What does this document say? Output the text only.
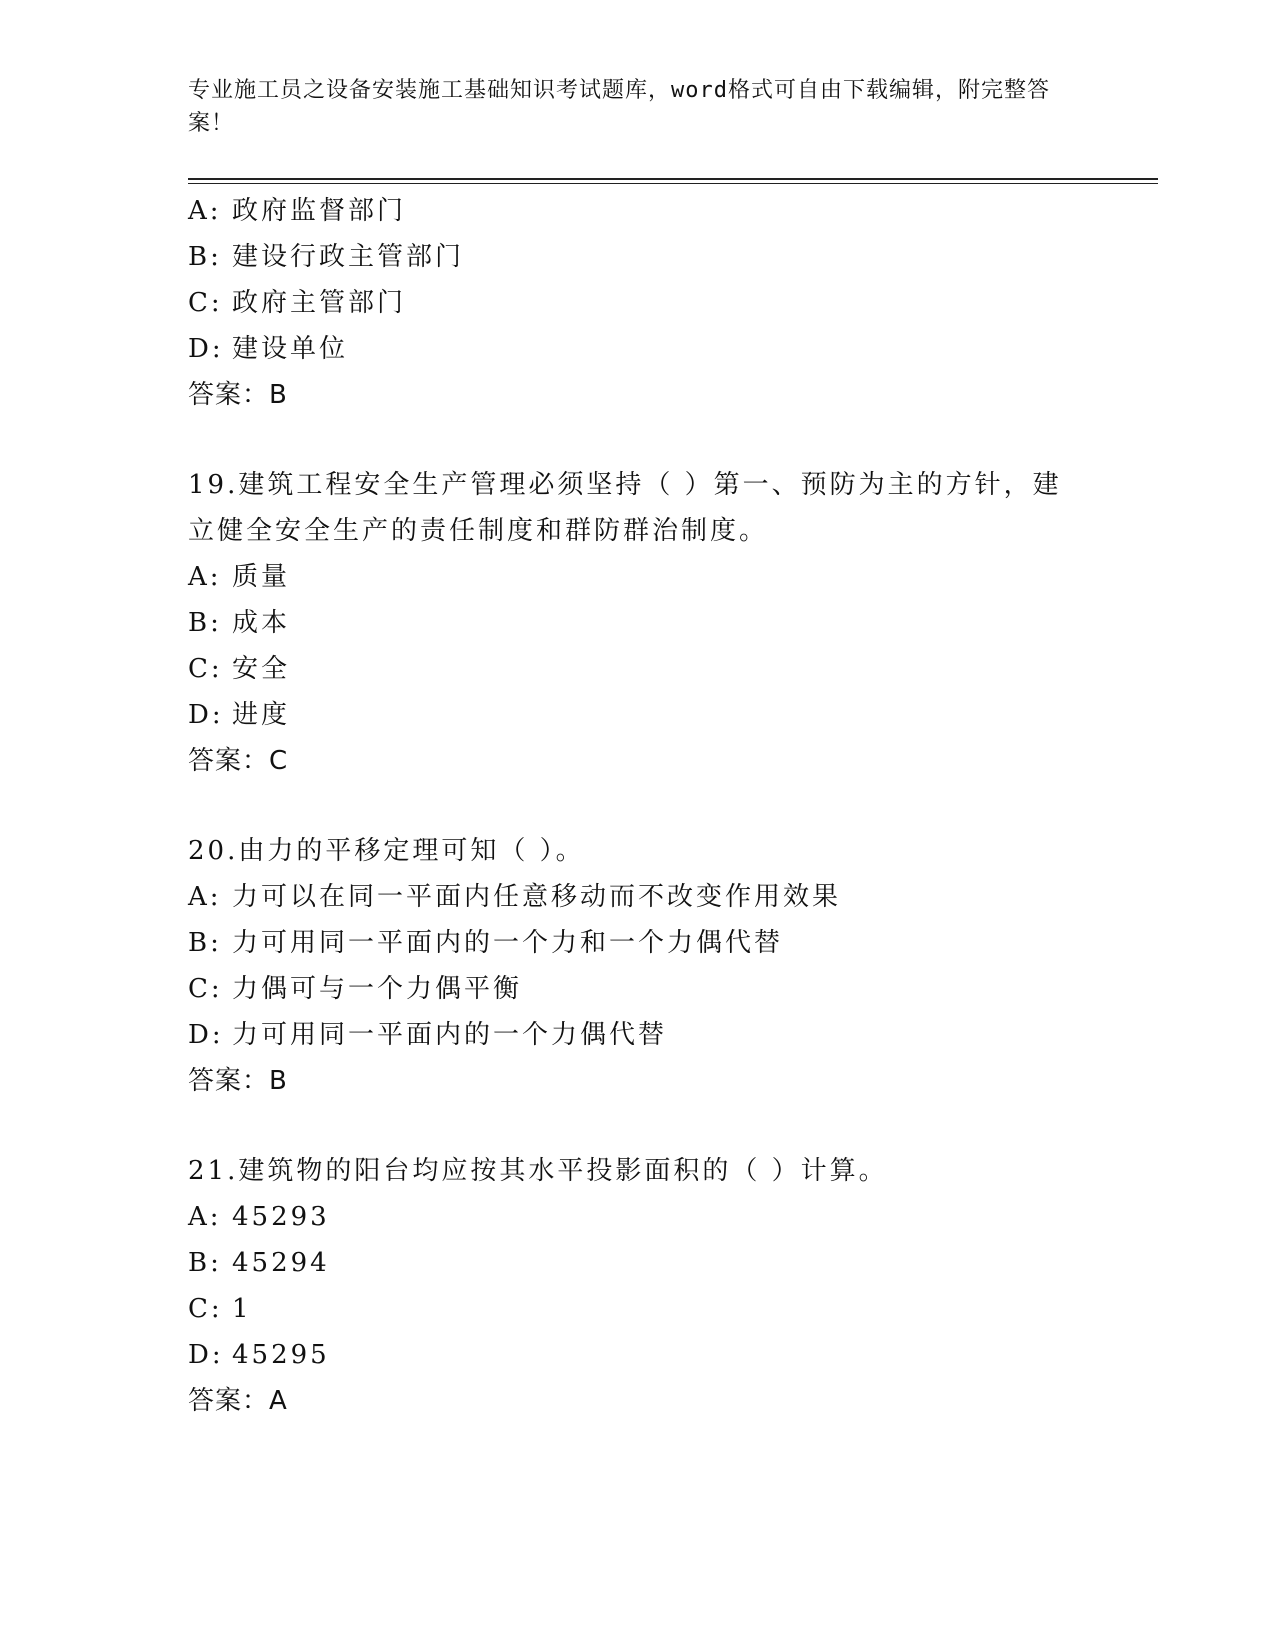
专业施工员之设备安装施工基础知识考试题库，word格式可自由下载编辑，附完整答案！
A: 政府监督部门
B: 建设行政主管部门
C: 政府主管部门
D: 建设单位
答案：B
19.建筑工程安全生产管理必须坚持（ ）第一、预防为主的方针，建立健全安全生产的责任制度和群防群治制度。
A: 质量
B: 成本
C: 安全
D: 进度
答案：C
20.由力的平移定理可知（ ）。
A: 力可以在同一平面内任意移动而不改变作用效果
B: 力可用同一平面内的一个力和一个力偶代替
C: 力偶可与一个力偶平衡
D: 力可用同一平面内的一个力偶代替
答案：B
21.建筑物的阳台均应按其水平投影面积的（ ）计算。
A: 45293
B: 45294
C: 1
D: 45295
答案：A
